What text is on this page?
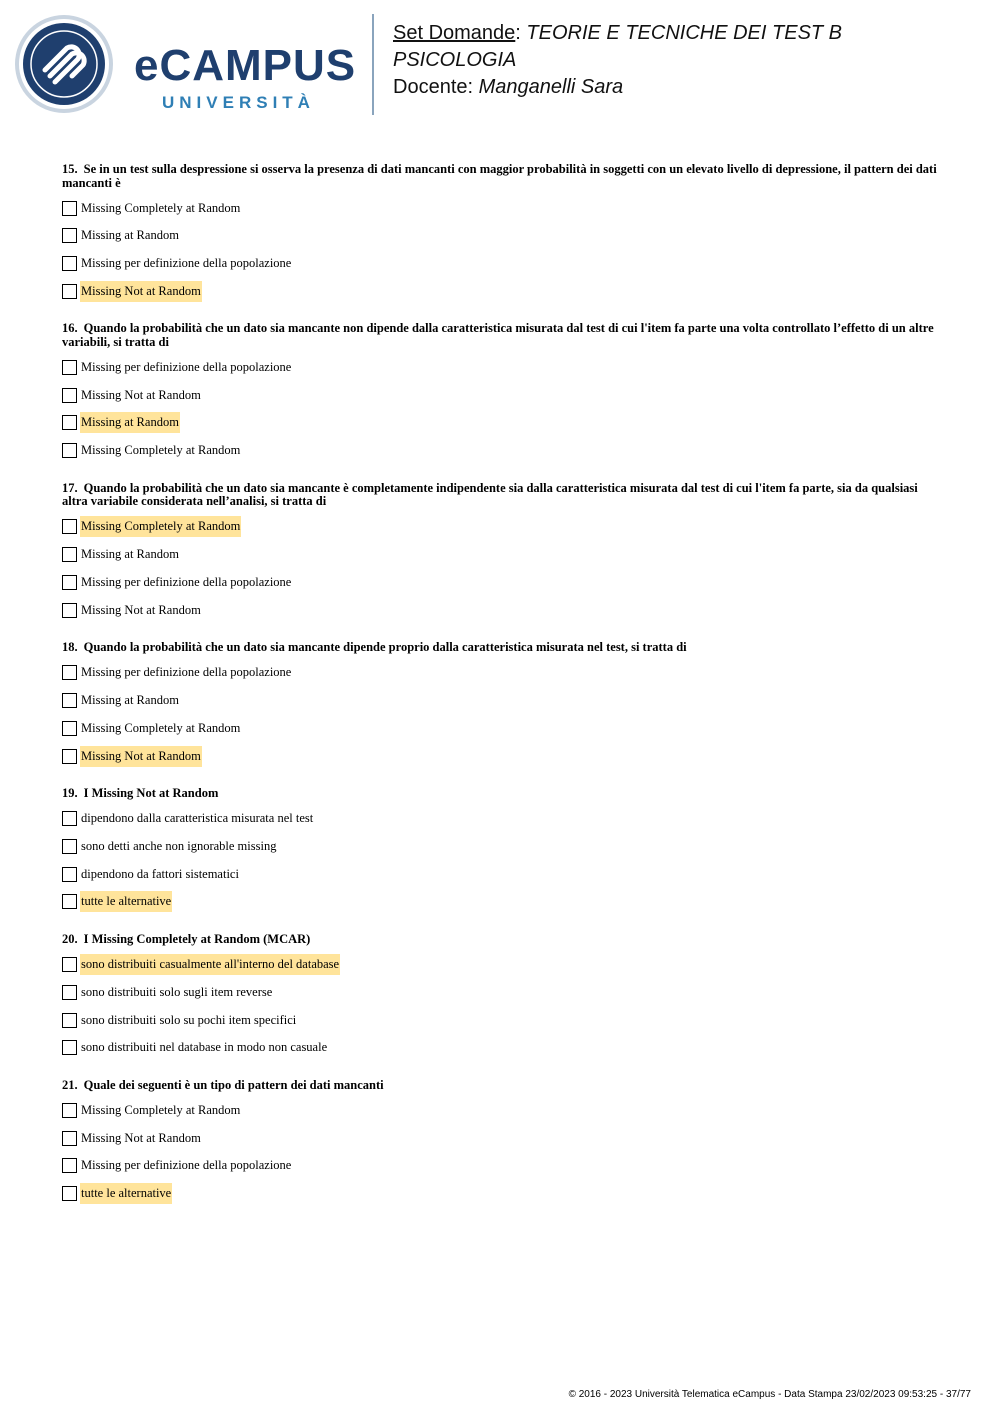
eCAMPUS
UNIVERSITÀ
Set Domande: TEORIE E TECNICHE DEI TEST B
PSICOLOGIA
Docente: Manganelli Sara
15. Se in un test sulla despressione si osserva la presenza di dati mancanti con maggior probabilità in soggetti con un elevato livello di depressione, il pattern dei dati mancanti è
Missing Completely at Random
Missing at Random
Missing per definizione della popolazione
Missing Not at Random
16. Quando la probabilità che un dato sia mancante non dipende dalla caratteristica misurata dal test di cui l'item fa parte una volta controllato l’effetto di un altre variabili, si tratta di
Missing per definizione della popolazione
Missing Not at Random
Missing at Random
Missing Completely at Random
17. Quando la probabilità che un dato sia mancante è completamente indipendente sia dalla caratteristica misurata dal test di cui l'item fa parte, sia da qualsiasi altra variabile considerata nell’analisi, si tratta di
Missing Completely at Random
Missing at Random
Missing per definizione della popolazione
Missing Not at Random
18. Quando la probabilità che un dato sia mancante dipende proprio dalla caratteristica misurata nel test, si tratta di
Missing per definizione della popolazione
Missing at Random
Missing Completely at Random
Missing Not at Random
19. I Missing Not at Random
dipendono dalla caratteristica misurata nel test
sono detti anche non ignorable missing
dipendono da fattori sistematici
tutte le alternative
20. I Missing Completely at Random (MCAR)
sono distribuiti casualmente all'interno del database
sono distribuiti solo sugli item reverse
sono distribuiti solo su pochi item specifici
sono distribuiti nel database in modo non casuale
21. Quale dei seguenti è un tipo di pattern dei dati mancanti
Missing Completely at Random
Missing Not at Random
Missing per definizione della popolazione
tutte le alternative
© 2016 - 2023 Università Telematica eCampus - Data Stampa 23/02/2023 09:53:25 - 37/77
